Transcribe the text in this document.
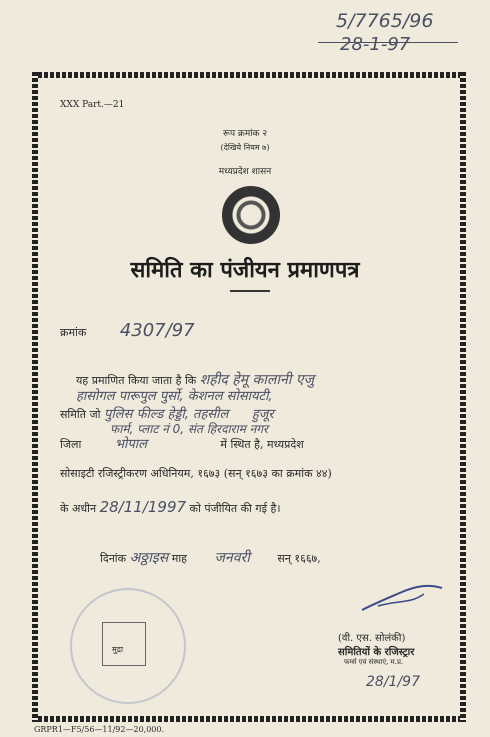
5/7765/96
28-1-97
XXX Part.—21
रूप क्रमांक २
(देखिये नियम ७)
मध्यप्रदेश शासन
समिति का पंजीयन प्रमाणपत्र
क्रमांक 4307/97
यह प्रमाणित किया जाता है कि शहीद हेमू कालानी एजु
हासोगल पारूपुल पुर्सो, केशनल सोसायटी,
समिति जो पुलिस फील्ड हेड्डी, तहसील हुजूर
फार्म, प्लाट नं 0, संत हिरदाराम नगर
जिला	भोपाल	में स्थित है, मध्यप्रदेश
सोसाइटी रजिस्ट्रीकरण अधिनियम, १६७३ (सन् १६७३ का क्रमांक ४४)
के अधीन 28/11/1997 को पंजीयित की गई है।
दिनांक अठ्ठाइस माह जनवरी	सन् १६६७,
मुद्रा
(वी. एस. सोलंकी)
समितियों के रजिस्ट्रार
फर्म्स एवं संस्थाएं, म.प्र.
28/1/97
GRPR1—F5/56—11/92—20,000.
